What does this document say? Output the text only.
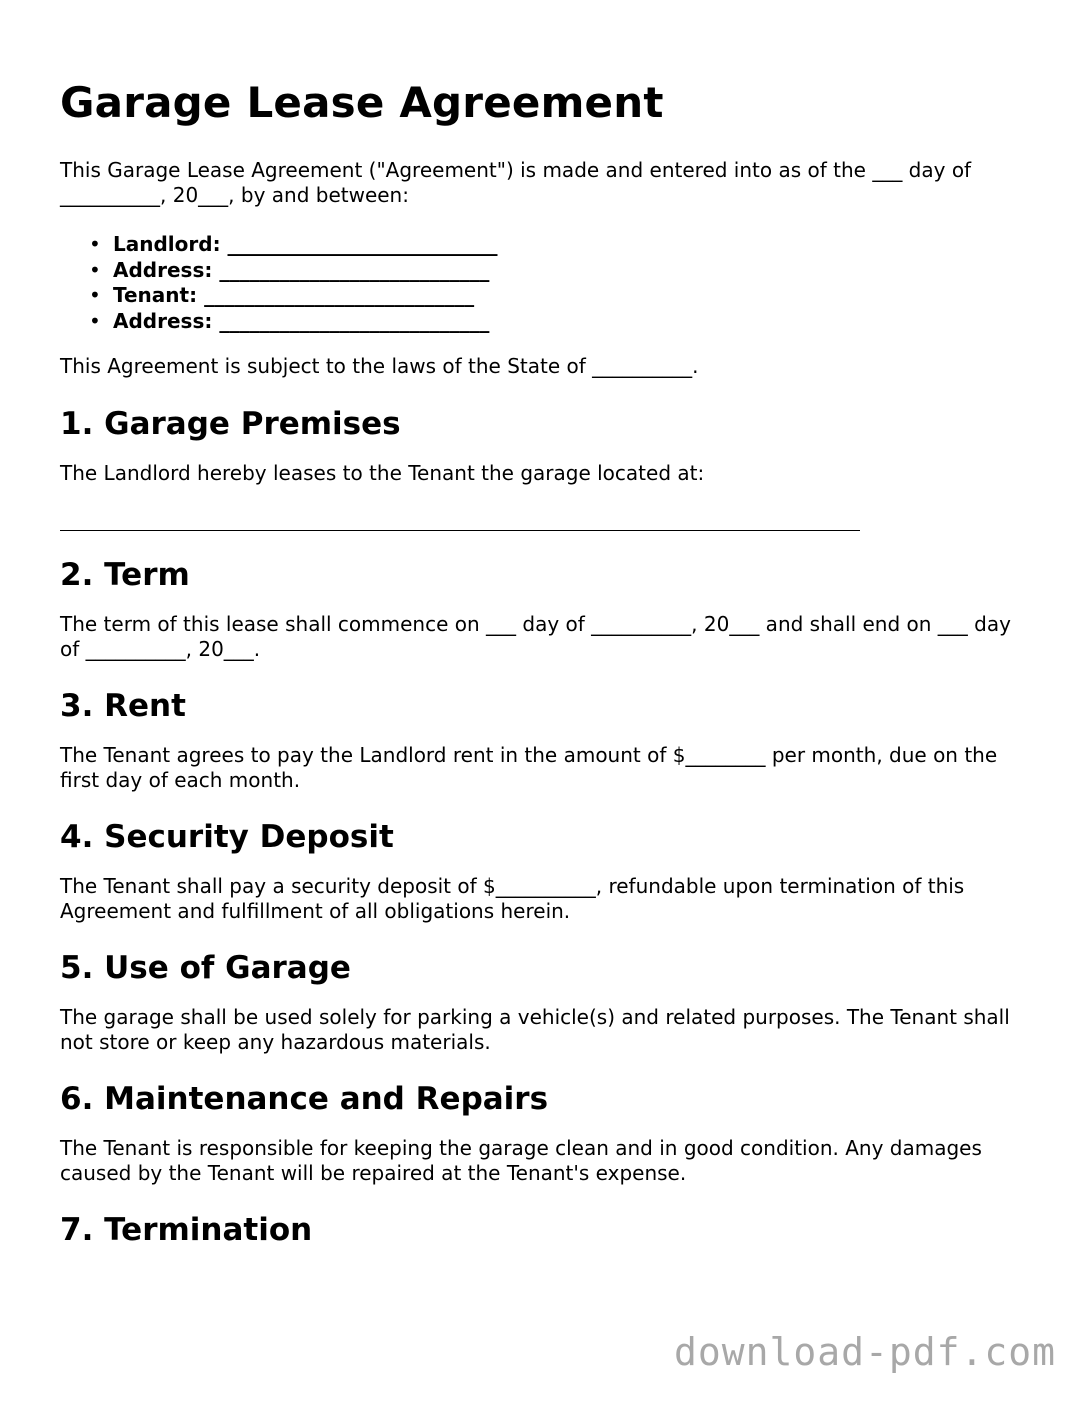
Garage Lease Agreement

This Garage Lease Agreement ("Agreement") is made and entered into as of the ___ day of __________, 20___, by and between:

• Landlord: ___________________________
• Address: ___________________________
• Tenant: ___________________________
• Address: ___________________________

This Agreement is subject to the laws of the State of __________.

1. Garage Premises

The Landlord hereby leases to the Tenant the garage located at:

2. Term

The term of this lease shall commence on ___ day of __________, 20___ and shall end on ___ day of __________, 20___.

3. Rent

The Tenant agrees to pay the Landlord rent in the amount of $________ per month, due on the first day of each month.

4. Security Deposit

The Tenant shall pay a security deposit of $__________, refundable upon termination of this Agreement and fulfillment of all obligations herein.

5. Use of Garage

The garage shall be used solely for parking a vehicle(s) and related purposes. The Tenant shall not store or keep any hazardous materials.

6. Maintenance and Repairs

The Tenant is responsible for keeping the garage clean and in good condition. Any damages caused by the Tenant will be repaired at the Tenant's expense.

7. Termination
download-pdf.com
